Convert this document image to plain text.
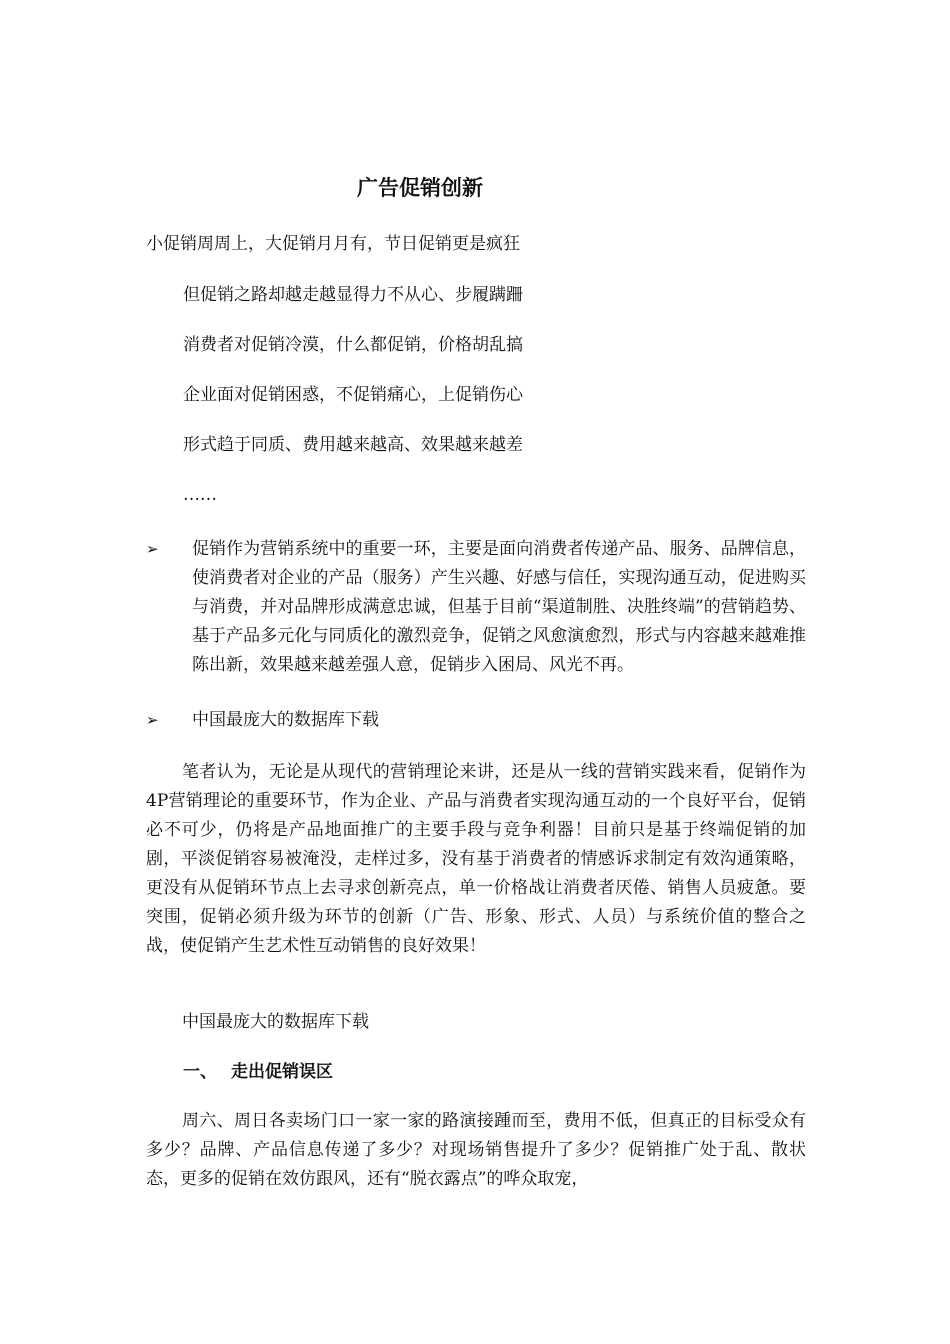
广告促销创新
小促销周周上，大促销月月有，节日促销更是疯狂
但促销之路却越走越显得力不从心、步履蹒跚
消费者对促销冷漠，什么都促销，价格胡乱搞
企业面对促销困惑，不促销痛心，上促销伤心
形式趋于同质、费用越来越高、效果越来越差
……
➢	促销作为营销系统中的重要一环，主要是面向消费者传递产品、服务、品牌信息，使消费者对企业的产品（服务）产生兴趣、好感与信任，实现沟通互动，促进购买与消费，并对品牌形成满意忠诚，但基于目前“渠道制胜、决胜终端”的营销趋势、基于产品多元化与同质化的激烈竞争，促销之风愈演愈烈，形式与内容越来越难推陈出新，效果越来越差强人意，促销步入困局、风光不再。
➢	中国最庞大的数据库下载
笔者认为，无论是从现代的营销理论来讲，还是从一线的营销实践来看，促销作为4P营销理论的重要环节，作为企业、产品与消费者实现沟通互动的一个良好平台，促销必不可少，仍将是产品地面推广的主要手段与竞争利器！目前只是基于终端促销的加剧，平淡促销容易被淹没，走样过多，没有基于消费者的情感诉求制定有效沟通策略，更没有从促销环节点上去寻求创新亮点，单一价格战让消费者厌倦、销售人员疲惫。要突围，促销必须升级为环节的创新（广告、形象、形式、人员）与系统价值的整合之战，使促销产生艺术性互动销售的良好效果！
中国最庞大的数据库下载
一、 走出促销误区
周六、周日各卖场门口一家一家的路演接踵而至，费用不低，但真正的目标受众有多少？品牌、产品信息传递了多少？对现场销售提升了多少？促销推广处于乱、散状态，更多的促销在效仿跟风，还有“脱衣露点”的哗众取宠，
